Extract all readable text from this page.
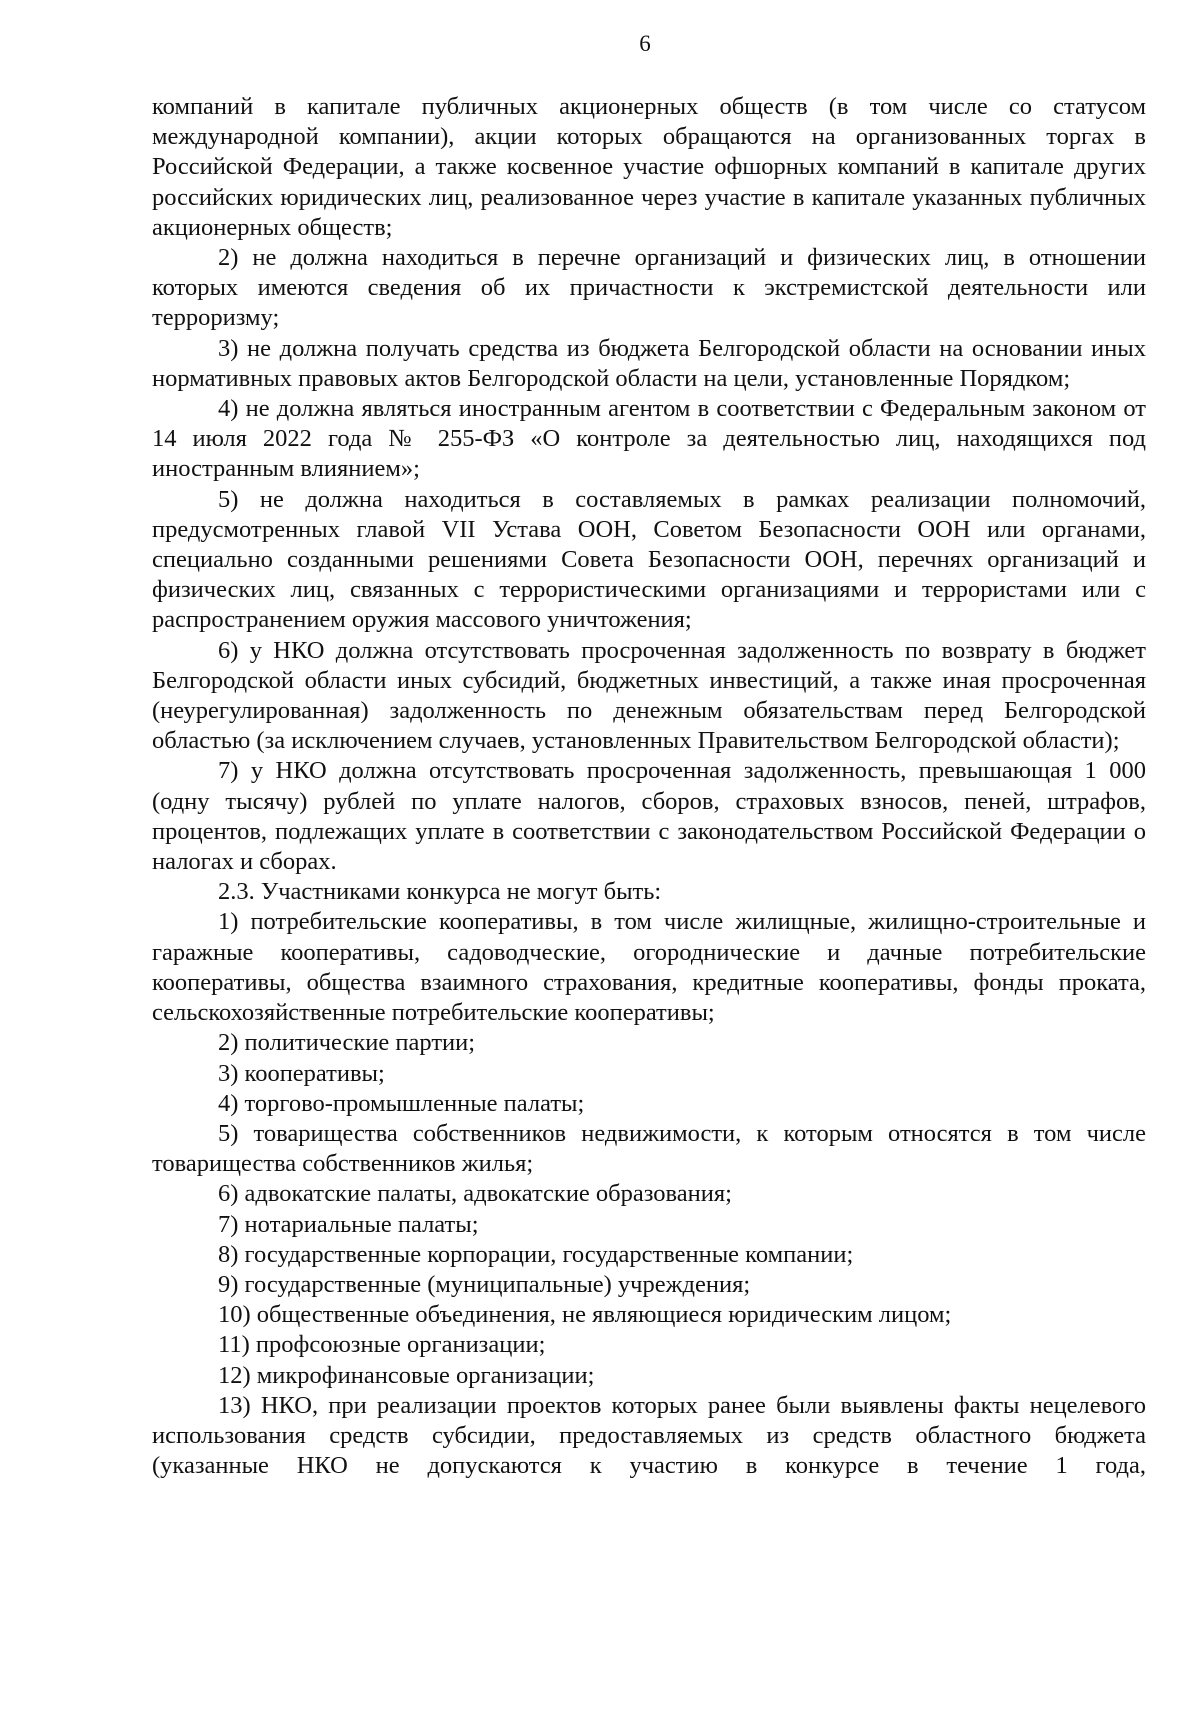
6

компаний в капитале публичных акционерных обществ (в том числе со статусом международной компании), акции которых обращаются на организованных торгах в Российской Федерации, а также косвенное участие офшорных компаний в капитале других российских юридических лиц, реализованное через участие в капитале указанных публичных акционерных обществ;

2) не должна находиться в перечне организаций и физических лиц, в отношении которых имеются сведения об их причастности к экстремистской деятельности или терроризму;

3) не должна получать средства из бюджета Белгородской области на основании иных нормативных правовых актов Белгородской области на цели, установленные Порядком;

4) не должна являться иностранным агентом в соответствии с Федеральным законом от 14 июля 2022 года № 255-ФЗ «О контроле за деятельностью лиц, находящихся под иностранным влиянием»;

5) не должна находиться в составляемых в рамках реализации полномочий, предусмотренных главой VII Устава ООН, Советом Безопасности ООН или органами, специально созданными решениями Совета Безопасности ООН, перечнях организаций и физических лиц, связанных с террористическими организациями и террористами или с распространением оружия массового уничтожения;

6) у НКО должна отсутствовать просроченная задолженность по возврату в бюджет Белгородской области иных субсидий, бюджетных инвестиций, а также иная просроченная (неурегулированная) задолженность по денежным обязательствам перед Белгородской областью (за исключением случаев, установленных Правительством Белгородской области);

7) у НКО должна отсутствовать просроченная задолженность, превышающая 1 000 (одну тысячу) рублей по уплате налогов, сборов, страховых взносов, пеней, штрафов, процентов, подлежащих уплате в соответствии с законодательством Российской Федерации о налогах и сборах.

2.3. Участниками конкурса не могут быть:

1) потребительские кооперативы, в том числе жилищные, жилищно-строительные и гаражные кооперативы, садоводческие, огороднические и дачные потребительские кооперативы, общества взаимного страхования, кредитные кооперативы, фонды проката, сельскохозяйственные потребительские кооперативы;

2) политические партии;

3) кооперативы;

4) торгово-промышленные палаты;

5) товарищества собственников недвижимости, к которым относятся в том числе товарищества собственников жилья;

6) адвокатские палаты, адвокатские образования;

7) нотариальные палаты;

8) государственные корпорации, государственные компании;

9) государственные (муниципальные) учреждения;

10) общественные объединения, не являющиеся юридическим лицом;

11) профсоюзные организации;

12) микрофинансовые организации;

13) НКО, при реализации проектов которых ранее были выявлены факты нецелевого использования средств субсидии, предоставляемых из средств областного бюджета (указанные НКО не допускаются к участию в конкурсе в течение 1 года,
